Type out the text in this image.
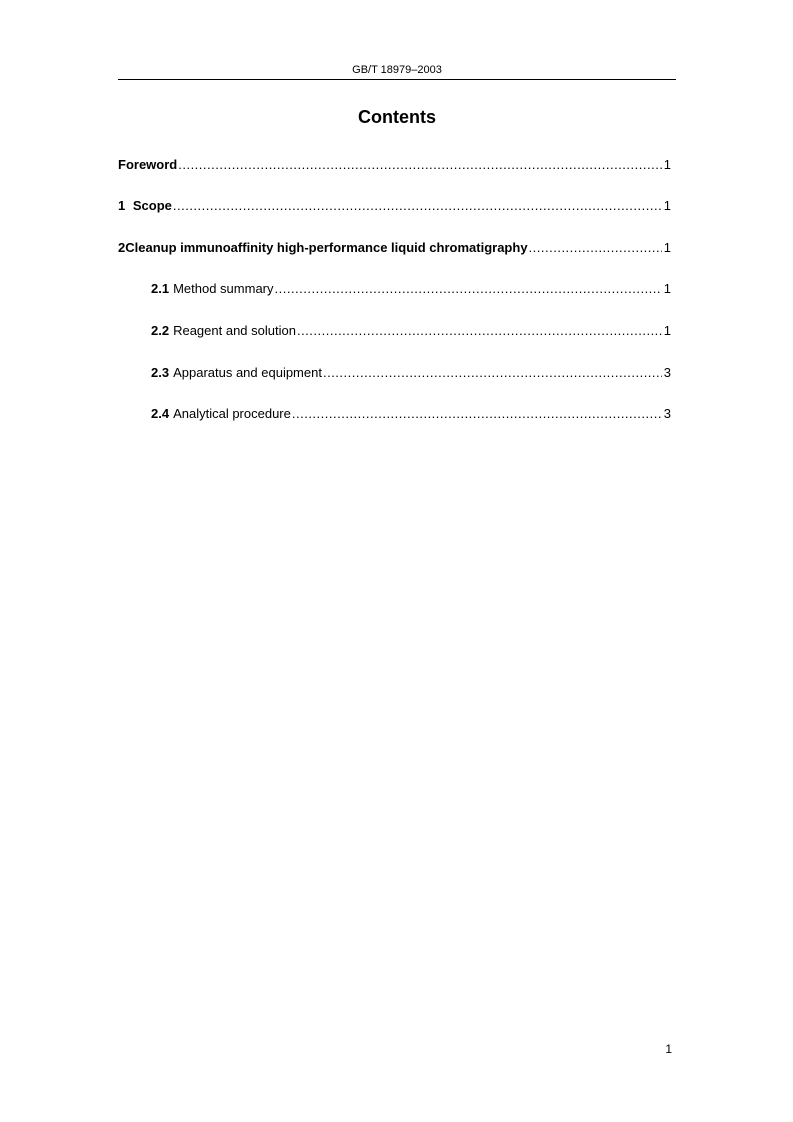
GB/T 18979–2003
Contents
Foreword .....	1
1 Scope .....	1
2 Cleanup immunoaffinity high-performance liquid chromatigraphy .....	1
2.1 Method summary .....	1
2.2 Reagent and solution .....	1
2.3 Apparatus and equipment .....	3
2.4 Analytical procedure .....	3
1
